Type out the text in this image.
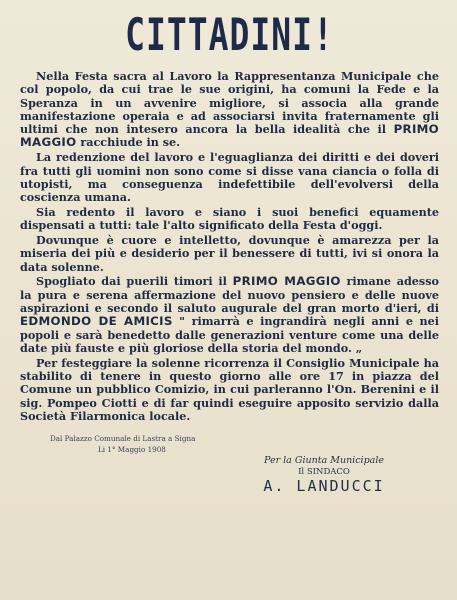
CITTADINI!

Nella Festa sacra al Lavoro la Rappresentanza Municipale che col popolo, da cui trae le sue origini, ha comuni la Fede e la Speranza in un avvenire migliore, si associa alla grande manifestazione operaia e ad associarsi invita fraternamente gli ultimi che non intesero ancora la bella idealità che il PRIMO MAGGIO racchiude in se.

La redenzione del lavoro e l'eguaglianza dei diritti e dei doveri fra tutti gli uomini non sono come si disse vana ciancia o folla di utopisti, ma conseguenza indefettibile dell'evolversi della coscienza umana.

Sia redento il lavoro e siano i suoi benefici equamente dispensati a tutti: tale l'alto significato della Festa d'oggi.

Dovunque è cuore e intelletto, dovunque è amarezza per la miseria dei più e desiderio per il benessere di tutti, ivi si onora la data solenne.

Spogliato dai puerili timori il PRIMO MAGGIO rimane adesso la pura e serena affermazione del nuovo pensiero e delle nuove aspirazioni e secondo il saluto augurale del gran morto d'ieri, di EDMONDO DE AMICIS " rimarrà e ingrandirà negli anni e nei popoli e sarà benedetto dalle generazioni venture come una delle date più fauste e più gloriose della storia del mondo. „

Per festeggiare la solenne ricorrenza il Consiglio Municipale ha stabilito di tenere in questo giorno alle ore 17 in piazza del Comune un pubblico Comizio, in cui parleranno l'On. Berenini e il sig. Pompeo Ciotti e di far quindi eseguire apposito servizio dalla Società Filarmonica locale.

Dal Palazzo Comunale di Lastra a Signa
Li 1° Maggio 1908
Per la Giunta Municipale
Il SINDACO
A. LANDUCCI
